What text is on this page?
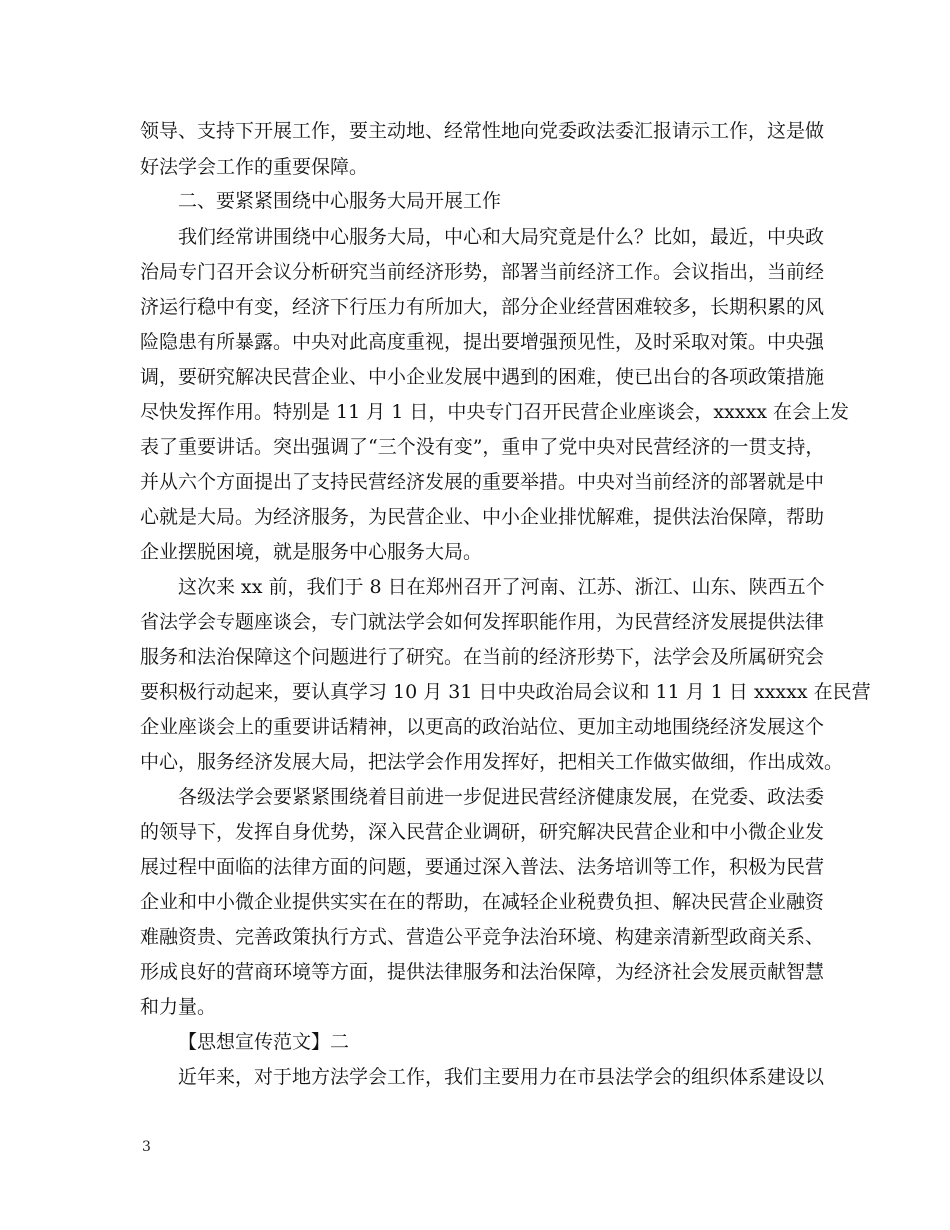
领导、支持下开展工作，要主动地、经常性地向党委政法委汇报请示工作，这是做
好法学会工作的重要保障。
二、要紧紧围绕中心服务大局开展工作
我们经常讲围绕中心服务大局，中心和大局究竟是什么？比如，最近，中央政
治局专门召开会议分析研究当前经济形势，部署当前经济工作。会议指出，当前经
济运行稳中有变，经济下行压力有所加大，部分企业经营困难较多，长期积累的风
险隐患有所暴露。中央对此高度重视，提出要增强预见性，及时采取对策。中央强
调，要研究解决民营企业、中小企业发展中遇到的困难，使已出台的各项政策措施
尽快发挥作用。特别是 11 月 1 日，中央专门召开民营企业座谈会，xxxxx 在会上发
表了重要讲话。突出强调了“三个没有变”，重申了党中央对民营经济的一贯支持，
并从六个方面提出了支持民营经济发展的重要举措。中央对当前经济的部署就是中
心就是大局。为经济服务，为民营企业、中小企业排忧解难，提供法治保障，帮助
企业摆脱困境，就是服务中心服务大局。
这次来 xx 前，我们于 8 日在郑州召开了河南、江苏、浙江、山东、陕西五个
省法学会专题座谈会，专门就法学会如何发挥职能作用，为民营经济发展提供法律
服务和法治保障这个问题进行了研究。在当前的经济形势下，法学会及所属研究会
要积极行动起来，要认真学习 10 月 31 日中央政治局会议和 11 月 1 日 xxxxx 在民营
企业座谈会上的重要讲话精神，以更高的政治站位、更加主动地围绕经济发展这个
中心，服务经济发展大局，把法学会作用发挥好，把相关工作做实做细，作出成效。
各级法学会要紧紧围绕着目前进一步促进民营经济健康发展，在党委、政法委
的领导下，发挥自身优势，深入民营企业调研，研究解决民营企业和中小微企业发
展过程中面临的法律方面的问题，要通过深入普法、法务培训等工作，积极为民营
企业和中小微企业提供实实在在的帮助，在减轻企业税费负担、解决民营企业融资
难融资贵、完善政策执行方式、营造公平竞争法治环境、构建亲清新型政商关系、
形成良好的营商环境等方面，提供法律服务和法治保障，为经济社会发展贡献智慧
和力量。
【思想宣传范文】二
近年来，对于地方法学会工作，我们主要用力在市县法学会的组织体系建设以
3
